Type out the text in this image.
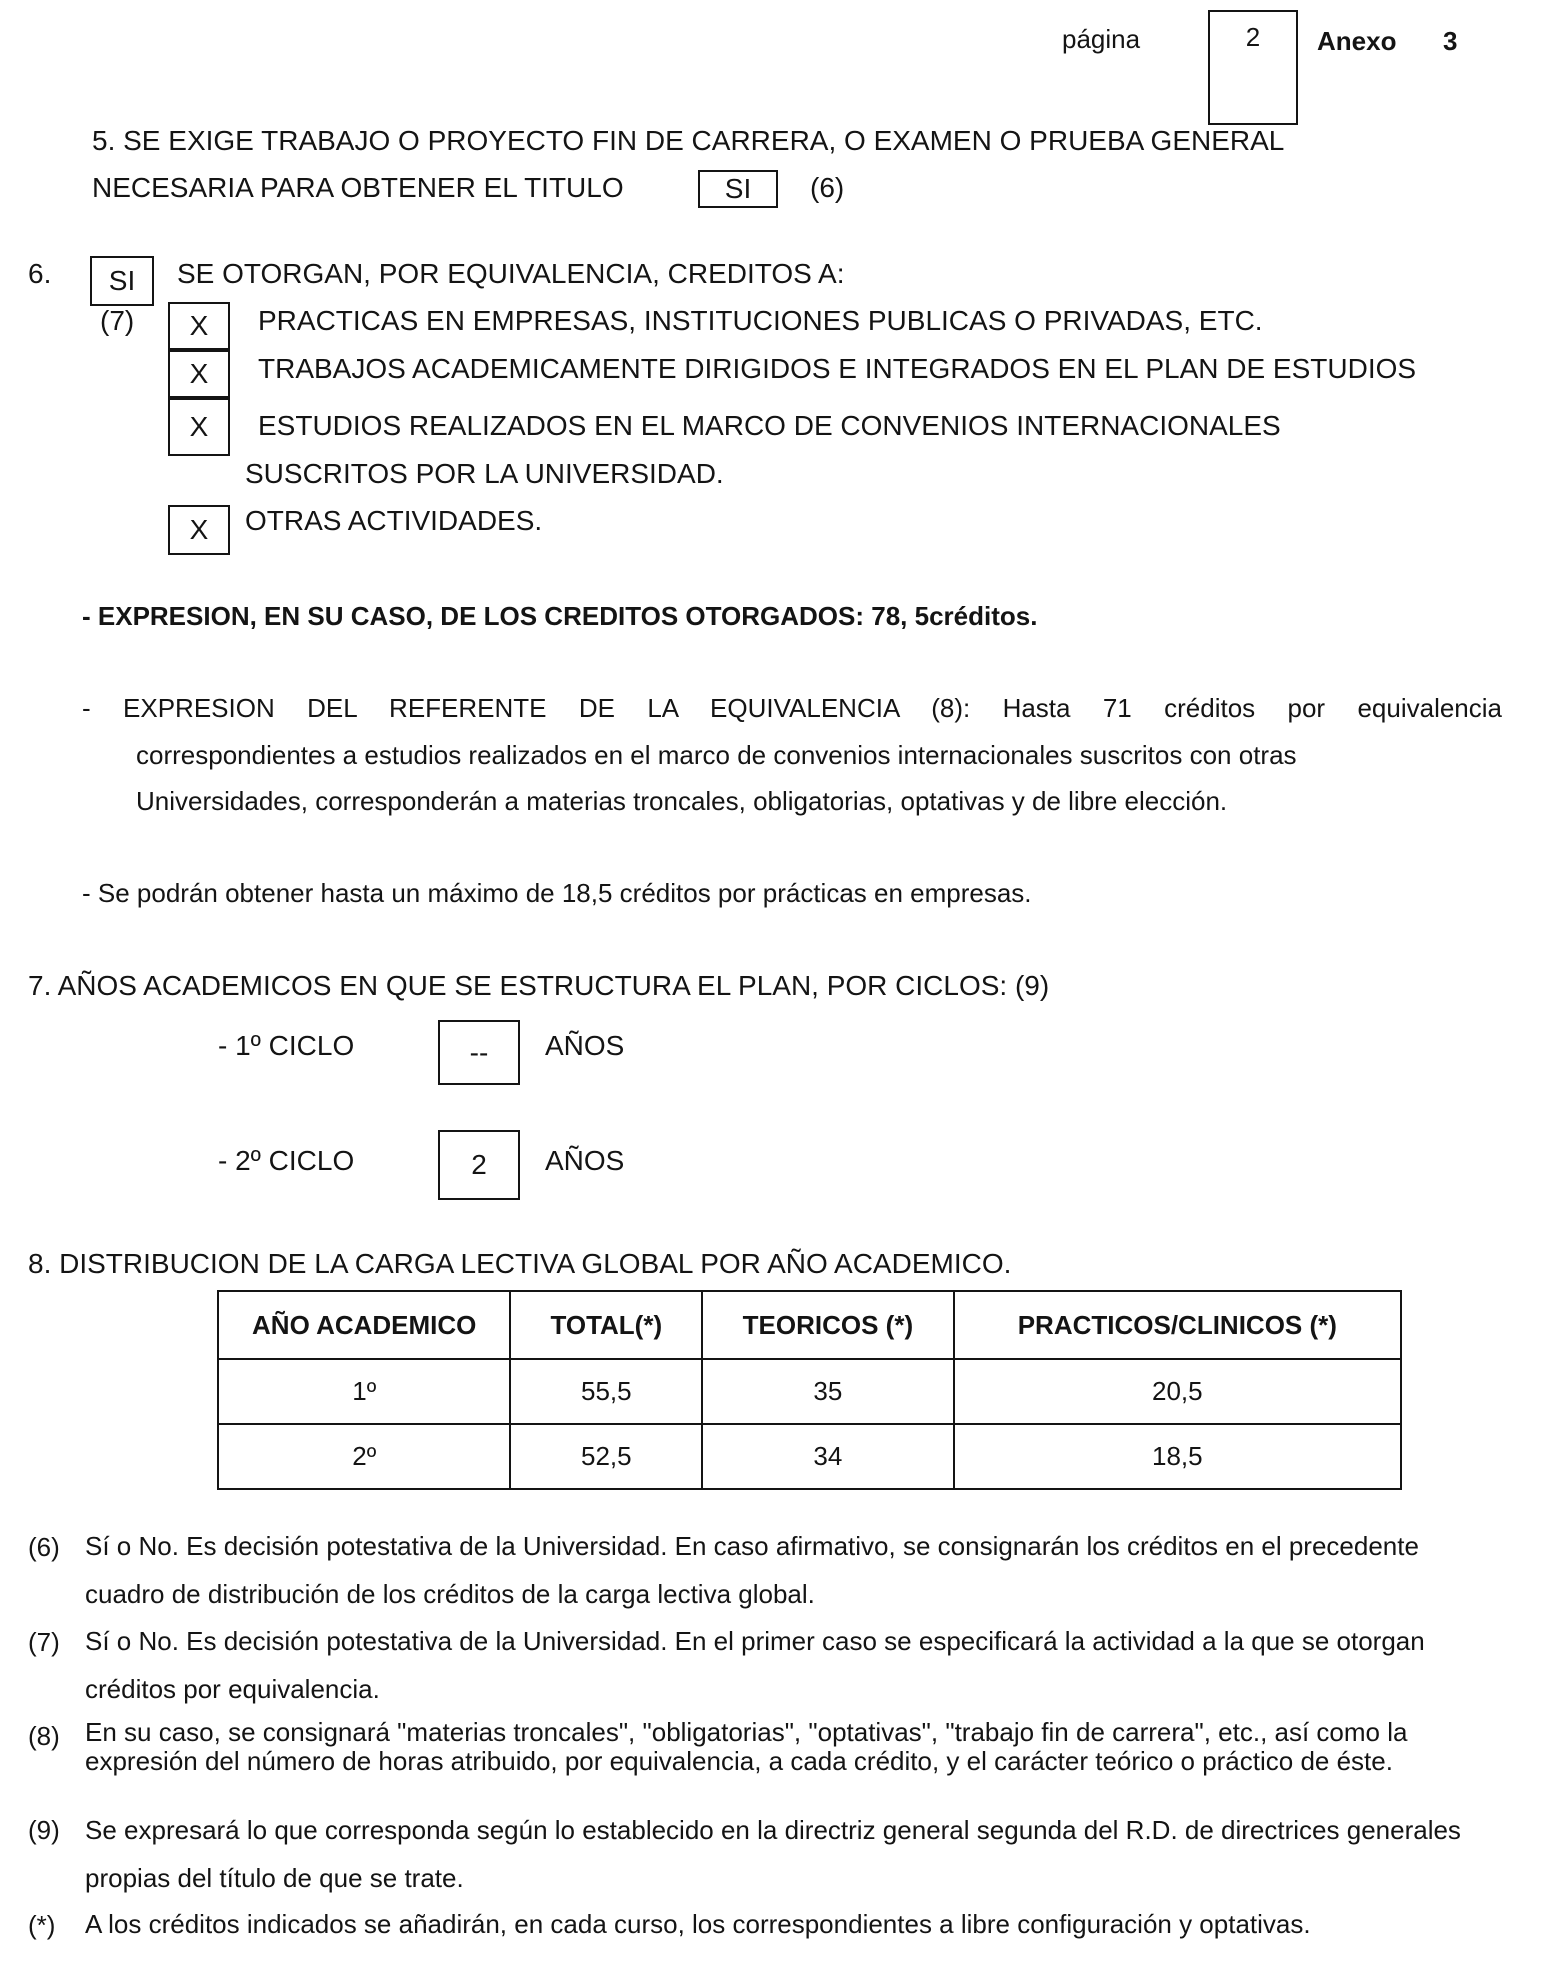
página	2 Anexo 3
5. SE EXIGE TRABAJO O PROYECTO FIN DE CARRERA, O EXAMEN O PRUEBA GENERAL
NECESARIA PARA OBTENER EL TITULO	SI (6)
6. SI SE OTORGAN, POR EQUIVALENCIA, CREDITOS A:
(7) X PRACTICAS EN EMPRESAS, INSTITUCIONES PUBLICAS O PRIVADAS, ETC.
X TRABAJOS ACADEMICAMENTE DIRIGIDOS E INTEGRADOS EN EL PLAN DE ESTUDIOS
X ESTUDIOS REALIZADOS EN EL MARCO DE CONVENIOS INTERNACIONALES
SUSCRITOS POR LA UNIVERSIDAD.
X OTRAS ACTIVIDADES.
- EXPRESION, EN SU CASO, DE LOS CREDITOS OTORGADOS: 78, 5créditos.
- EXPRESION DEL REFERENTE DE LA EQUIVALENCIA (8): Hasta 71 créditos por equivalencia
correspondientes a estudios realizados en el marco de convenios internacionales suscritos con otras
Universidades, corresponderán a materias troncales, obligatorias, optativas y de libre elección.
- Se podrán obtener hasta un máximo de 18,5 créditos por prácticas en empresas.
7. AÑOS ACADEMICOS EN QUE SE ESTRUCTURA EL PLAN, POR CICLOS: (9)
- 1º CICLO	-- AÑOS
- 2º CICLO	2 AÑOS
8. DISTRIBUCION DE LA CARGA LECTIVA GLOBAL POR AÑO ACADEMICO.
AÑO ACADEMICO	TOTAL(*)	TEORICOS (*)	PRACTICOS/CLINICOS (*)
1º	55,5	35	20,5
2º	52,5	34	18,5
(6) Sí o No. Es decisión potestativa de la Universidad. En caso afirmativo, se consignarán los créditos en el precedente cuadro de distribución de los créditos de la carga lectiva global.
(7) Sí o No. Es decisión potestativa de la Universidad. En el primer caso se especificará la actividad a la que se otorgan créditos por equivalencia.
(8) En su caso, se consignará "materias troncales", "obligatorias", "optativas", "trabajo fin de carrera", etc., así como la expresión del número de horas atribuido, por equivalencia, a cada crédito, y el carácter teórico o práctico de éste.
(9) Se expresará lo que corresponda según lo establecido en la directriz general segunda del R.D. de directrices generales propias del título de que se trate.
(*) A los créditos indicados se añadirán, en cada curso, los correspondientes a libre configuración y optativas.
